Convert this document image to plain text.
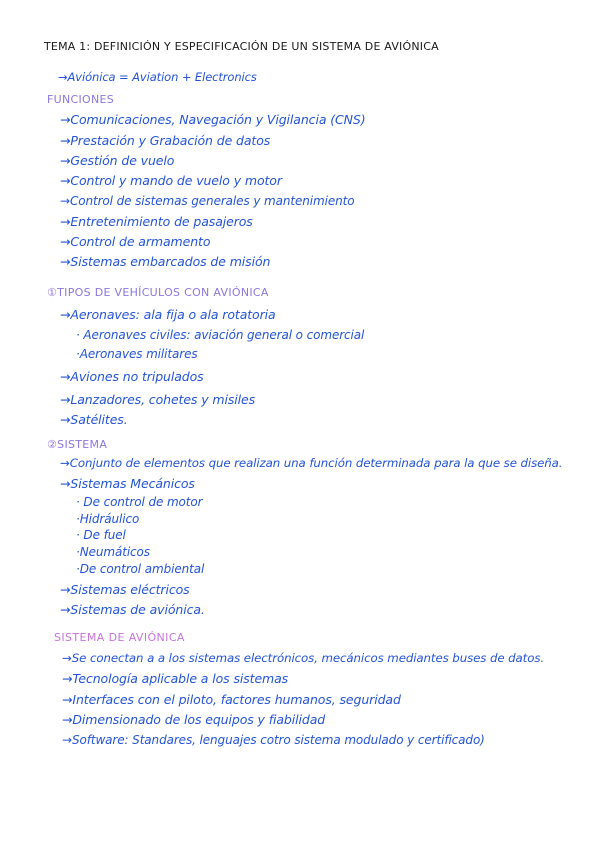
TEMA 1: DEFINICIÓN Y ESPECIFICACIÓN DE UN SISTEMA DE AVIÓNICA
→Aviónica = Aviation + Electronics
FUNCIONES
→Comunicaciones, Navegación y Vigilancia (CNS)
→Prestación y Grabación de datos
→Gestión de vuelo
→Control y mando de vuelo y motor
→Control de sistemas generales y mantenimiento
→Entretenimiento de pasajeros
→Control de armamento
→Sistemas embarcados de misión
①TIPOS DE VEHÍCULOS CON AVIÓNICA
→Aeronaves: ala fija o ala rotatoria
· Aeronaves civiles: aviación general o comercial
·Aeronaves militares
→Aviones no tripulados
→Lanzadores, cohetes y misiles
→Satélites.
②SISTEMA
→Conjunto de elementos que realizan una función determinada para la que se diseña.
→Sistemas Mecánicos
· De control de motor
·Hidráulico
· De fuel
·Neumáticos
·De control ambiental
→Sistemas eléctricos
→Sistemas de aviónica.
SISTEMA DE AVIÓNICA
→Se conectan a a los sistemas electrónicos, mecánicos mediantes buses de datos.
→Tecnología aplicable a los sistemas
→Interfaces con el piloto, factores humanos, seguridad
→Dimensionado de los equipos y fiabilidad
→Software: Standares, lenguajes cotro sistema modulado y certificado)
